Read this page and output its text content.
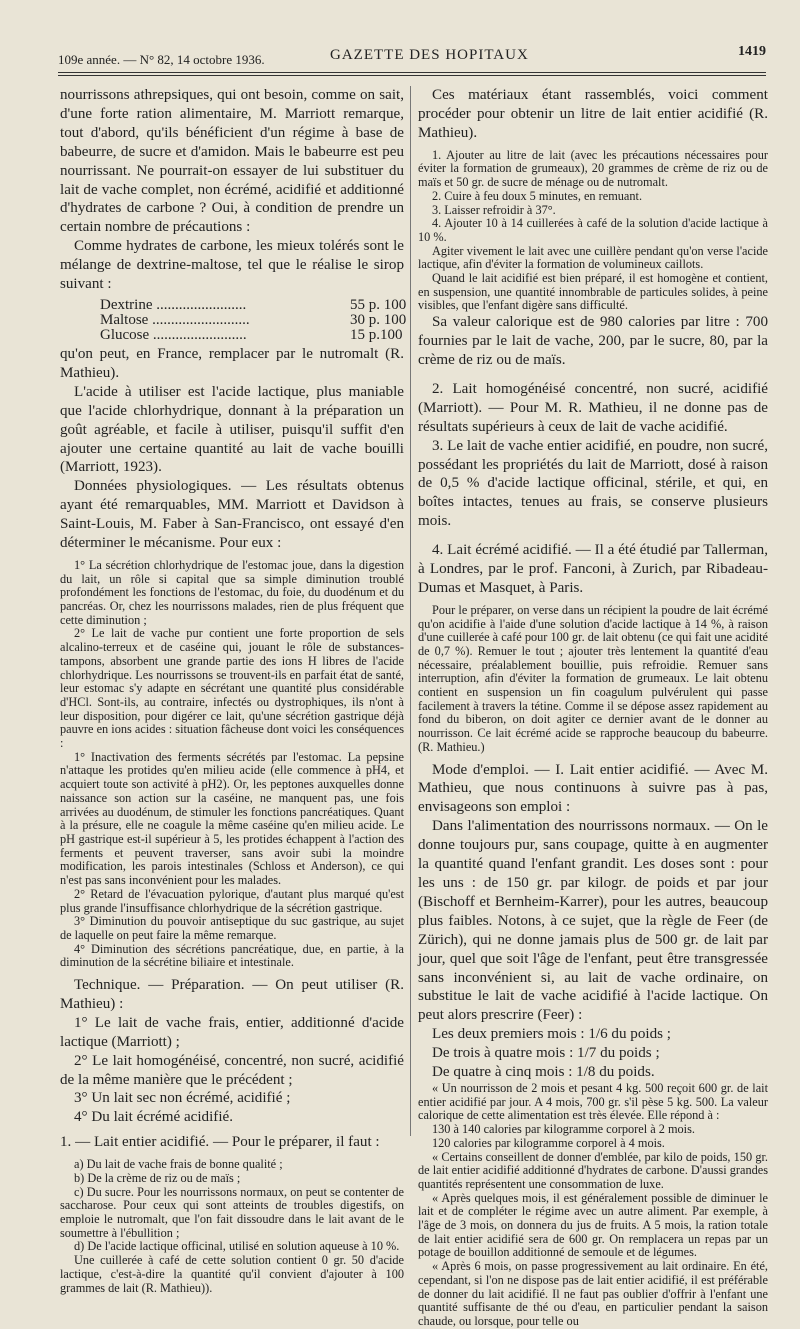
109e année. — N° 82, 14 octobre 1936.	GAZETTE DES HOPITAUX	1419

nourrissons athrepsiques, qui ont besoin, comme on sait, d'une forte ration alimentaire, M. Marriott remarque, tout d'abord, qu'ils bénéficient d'un régime à base de babeurre, de sucre et d'amidon. Mais le babeurre est peu nourrissant. Ne pourrait-on essayer de lui substituer du lait de vache complet, non écrémé, acidifié et additionné d'hydrates de carbone ? Oui, à condition de prendre un certain nombre de précautions :

Comme hydrates de carbone, les mieux tolérés sont le mélange de dextrine-maltose, tel que le réalise le sirop suivant :

Dextrine ........................	55 p. 100
Maltose ..........................	30 p. 100
Glucose .........................	15 p.100

qu'on peut, en France, remplacer par le nutromalt (R. Mathieu).

L'acide à utiliser est l'acide lactique, plus maniable que l'acide chlorhydrique, donnant à la préparation un goût agréable, et facile à utiliser, puisqu'il suffit d'en ajouter une certaine quantité au lait de vache bouilli (Marriott, 1923).

Données physiologiques. — Les résultats obtenus ayant été remarquables, MM. Marriott et Davidson à Saint-Louis, M. Faber à San-Francisco, ont essayé d'en déterminer le mécanisme. Pour eux :

1° La sécrétion chlorhydrique de l'estomac joue, dans la digestion du lait, un rôle si capital que sa simple diminution troublé profondément les fonctions de l'estomac, du foie, du duodénum et du pancréas. Or, chez les nourrissons malades, rien de plus fréquent que cette diminution ;

2° Le lait de vache pur contient une forte proportion de sels alcalino-terreux et de caséine qui, jouant le rôle de substances-tampons, absorbent une grande partie des ions H libres de l'acide chlorhydrique. Les nourrissons se trouvent-ils en parfait état de santé, leur estomac s'y adapte en sécrétant une quantité plus considérable d'HCl. Sont-ils, au contraire, infectés ou dystrophiques, ils n'ont à leur disposition, pour digérer ce lait, qu'une sécrétion gastrique déjà pauvre en ions acides : situation fâcheuse dont voici les conséquences :

1° Inactivation des ferments sécrétés par l'estomac. La pepsine n'attaque les protides qu'en milieu acide (elle commence à pH4, et acquiert toute son activité à pH2). Or, les peptones auxquelles donne naissance son action sur la caséine, ne manquent pas, une fois arrivées au duodénum, de stimuler les fonctions pancréatiques. Quant à la présure, elle ne coagule la même caséine qu'en milieu acide. Le pH gastrique est-il supérieur à 5, les protides échappent à l'action des ferments et peuvent traverser, sans avoir subi la moindre modification, les parois intestinales (Schloss et Anderson), ce qui n'est pas sans inconvénient pour les malades.

2° Retard de l'évacuation pylorique, d'autant plus marqué qu'est plus grande l'insuffisance chlorhydrique de la sécrétion gastrique.

3° Diminution du pouvoir antiseptique du suc gastrique, au sujet de laquelle on peut faire la même remarque.

4° Diminution des sécrétions pancréatique, due, en partie, à la diminution de la sécrétine biliaire et intestinale.

Technique. — Préparation. — On peut utiliser (R. Mathieu) :

1° Le lait de vache frais, entier, additionné d'acide lactique (Marriott) ;

2° Le lait homogénéisé, concentré, non sucré, acidifié de la même manière que le précédent ;

3° Un lait sec non écrémé, acidifié ;

4° Du lait écrémé acidifié.

1. — Lait entier acidifié. — Pour le préparer, il faut :

a) Du lait de vache frais de bonne qualité ;

b) De la crème de riz ou de maïs ;

c) Du sucre. Pour les nourrissons normaux, on peut se contenter de saccharose. Pour ceux qui sont atteints de troubles digestifs, on emploie le nutromalt, que l'on fait dissoudre dans le lait avant de le soumettre à l'ébullition ;

d) De l'acide lactique officinal, utilisé en solution aqueuse à 10 %.

Une cuillerée à café de cette solution contient 0 gr. 50 d'acide lactique, c'est-à-dire la quantité qu'il convient d'ajouter à 100 grammes de lait (R. Mathieu)).

Ces matériaux étant rassemblés, voici comment procéder pour obtenir un litre de lait entier acidifié (R. Mathieu).

1. Ajouter au litre de lait (avec les précautions nécessaires pour éviter la formation de grumeaux), 20 grammes de crème de riz ou de maïs et 50 gr. de sucre de ménage ou de nutromalt.

2. Cuire à feu doux 5 minutes, en remuant.

3. Laisser refroidir à 37°.

4. Ajouter 10 à 14 cuillerées à café de la solution d'acide lactique à 10 %.

Agiter vivement le lait avec une cuillère pendant qu'on verse l'acide lactique, afin d'éviter la formation de volumineux caillots.

Quand le lait acidifié est bien préparé, il est homogène et contient, en suspension, une quantité innombrable de particules solides, à peine visibles, que l'enfant digère sans difficulté.

Sa valeur calorique est de 980 calories par litre : 700 fournies par le lait de vache, 200, par le sucre, 80, par la crème de riz ou de maïs.

2. Lait homogénéisé concentré, non sucré, acidifié (Marriott). — Pour M. R. Mathieu, il ne donne pas de résultats supérieurs à ceux de lait de vache acidifié.

3. Le lait de vache entier acidifié, en poudre, non sucré, possédant les propriétés du lait de Marriott, dosé à raison de 0,5 % d'acide lactique officinal, stérile, et qui, en boîtes intactes, tenues au frais, se conserve plusieurs mois.

4. Lait écrémé acidifié. — Il a été étudié par Tallerman, à Londres, par le prof. Fanconi, à Zurich, par Ribadeau-Dumas et Masquet, à Paris.

Pour le préparer, on verse dans un récipient la poudre de lait écrémé qu'on acidifie à l'aide d'une solution d'acide lactique à 14 %, à raison d'une cuillerée à café pour 100 gr. de lait obtenu (ce qui fait une acidité de 0,7 %). Remuer le tout ; ajouter très lentement la quantité d'eau nécessaire, préalablement bouillie, puis refroidie. Remuer sans interruption, afin d'éviter la formation de grumeaux. Le lait obtenu contient en suspension un fin coagulum pulvérulent qui passe facilement à travers la tétine. Comme il se dépose assez rapidement au fond du biberon, on doit agiter ce dernier avant de le donner au nourrisson. Ce lait écrémé acide se rapproche beaucoup du babeurre. (R. Mathieu.)

Mode d'emploi. — I. Lait entier acidifié. — Avec M. Mathieu, que nous continuons à suivre pas à pas, envisageons son emploi :

Dans l'alimentation des nourrissons normaux. — On le donne toujours pur, sans coupage, quitte à en augmenter la quantité quand l'enfant grandit. Les doses sont : pour les uns : de 150 gr. par kilogr. de poids et par jour (Bischoff et Bernheim-Karrer), pour les autres, beaucoup plus faibles. Notons, à ce sujet, que la règle de Feer (de Zürich), qui ne donne jamais plus de 500 gr. de lait par jour, quel que soit l'âge de l'enfant, peut être transgressée sans inconvénient si, au lait de vache ordinaire, on substitue le lait de vache acidifié à l'acide lactique. On peut alors prescrire (Feer) :

Les deux premiers mois : 1/6 du poids ;

De trois à quatre mois : 1/7 du poids ;

De quatre à cinq mois : 1/8 du poids.

« Un nourrisson de 2 mois et pesant 4 kg. 500 reçoit 600 gr. de lait entier acidifié par jour. A 4 mois, 700 gr. s'il pèse 5 kg. 500. La valeur calorique de cette alimentation est très élevée. Elle répond à :

130 à 140 calories par kilogramme corporel à 2 mois.

120 calories par kilogramme corporel à 4 mois.

« Certains conseillent de donner d'emblée, par kilo de poids, 150 gr. de lait entier acidifié additionné d'hydrates de carbone. D'aussi grandes quantités représentent une consommation de luxe.

« Après quelques mois, il est généralement possible de diminuer le lait et de compléter le régime avec un autre aliment. Par exemple, à l'âge de 3 mois, on donnera du jus de fruits. A 5 mois, la ration totale de lait entier acidifié sera de 600 gr. On remplacera un repas par un potage de bouillon additionné de semoule et de légumes.

« Après 6 mois, on passe progressivement au lait ordinaire. En été, cependant, si l'on ne dispose pas de lait entier acidifié, il est préférable de donner du lait acidifié. Il ne faut pas oublier d'offrir à l'enfant une quantité suffisante de thé ou d'eau, en particulier pendant la saison chaude, ou lorsque, pour telle ou
